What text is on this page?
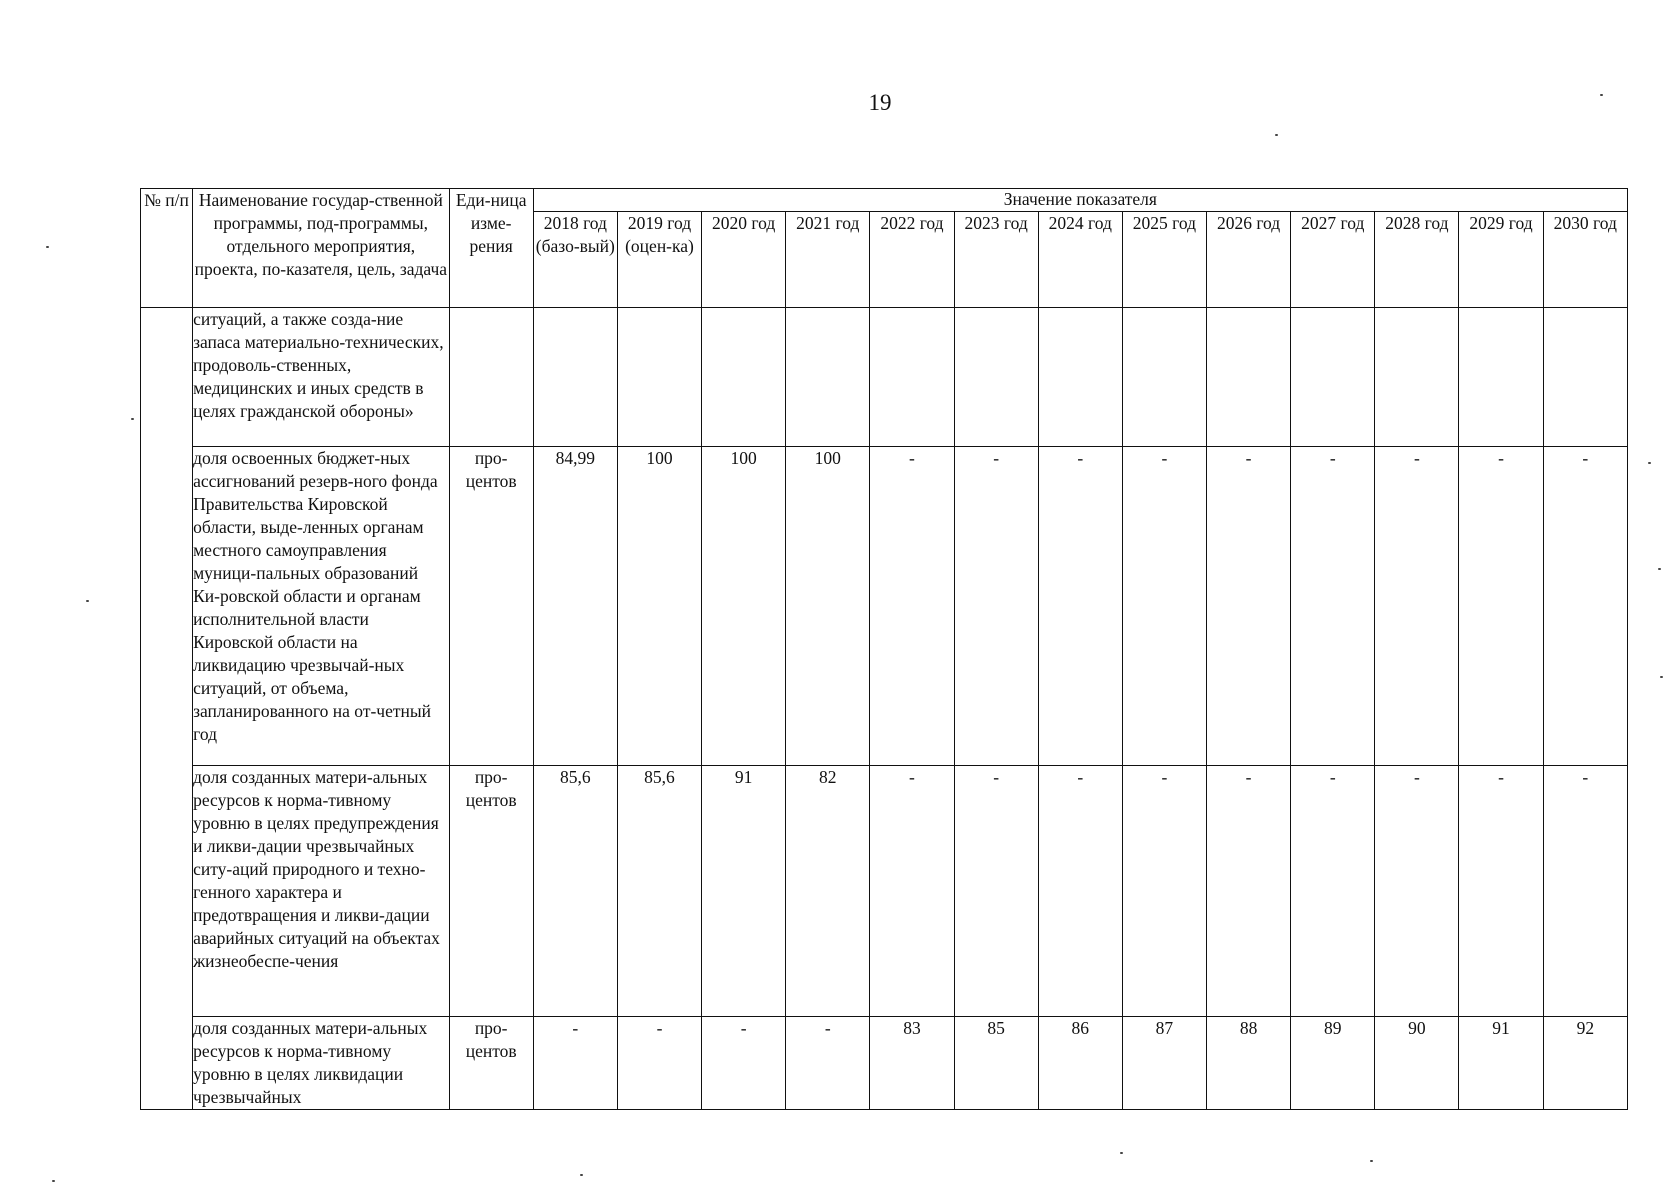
19
№ п/п	Наименование государ-ственной программы, под-программы, отдельного мероприятия, проекта, по-казателя, цель, задача	Еди-ница изме-рения	Значение показателя												
			2018 год (базо-вый)	2019 год (оцен-ка)	2020 год	2021 год	2022 год	2023 год	2024 год	2025 год	2026 год	2027 год	2028 год	2029 год	2030 год
	ситуаций, а также созда-ние запаса материально-технических, продоволь-ственных, медицинских и иных средств в целях гражданской обороны»														
	доля освоенных бюджет-ных ассигнований резерв-ного фонда Правительства Кировской области, выде-ленных органам местного самоуправления муници-пальных образований Ки-ровской области и органам исполнительной власти Кировской области на ликвидацию чрезвычай-ных ситуаций, от объема, запланированного на от-четный год	про-центов	84,99	100	100	100	-	-	-	-	-	-	-	-	-
	доля созданных матери-альных ресурсов к норма-тивному уровню в целях предупреждения и ликви-дации чрезвычайных ситу-аций природного и техно-генного характера и предотвращения и ликви-дации аварийных ситуаций на объектах жизнеобеспе-чения	про-центов	85,6	85,6	91	82	-	-	-	-	-	-	-	-	-
	доля созданных матери-альных ресурсов к норма-тивному уровню в целях ликвидации чрезвычайных	про-центов	-	-	-	-	83	85	86	87	88	89	90	91	92
